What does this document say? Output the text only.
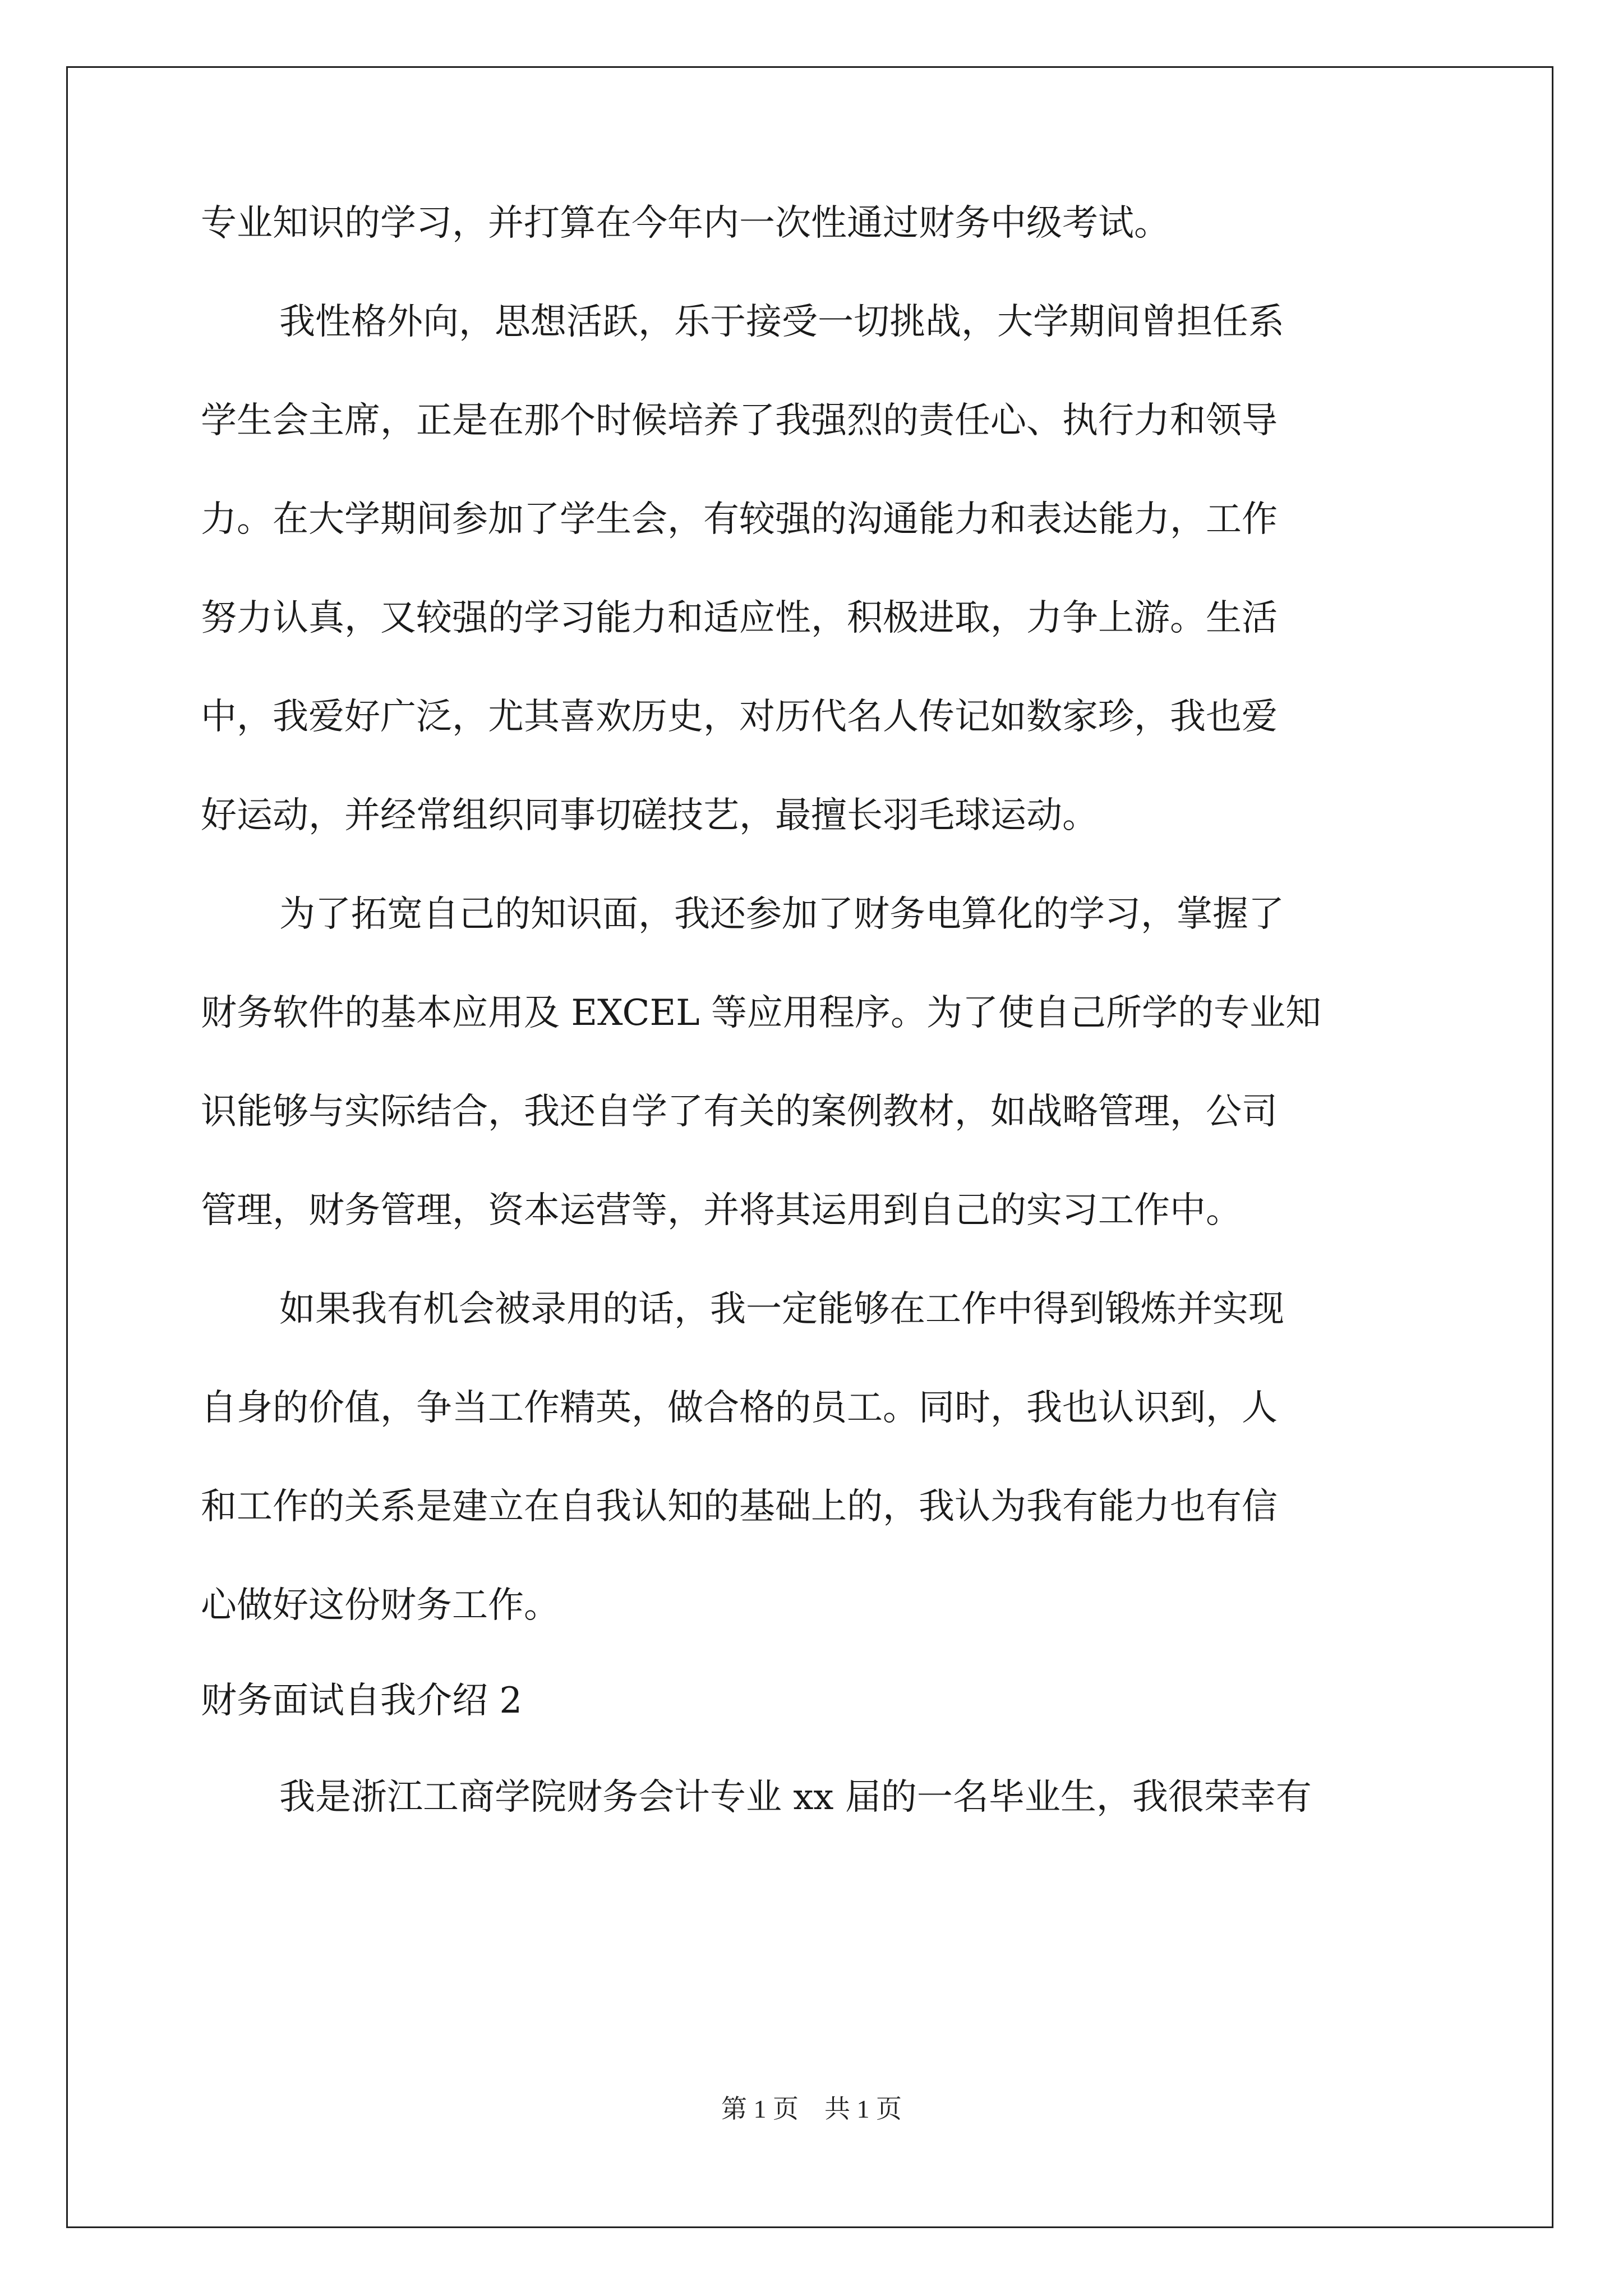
专业知识的学习，并打算在今年内一次性通过财务中级考试。
我性格外向，思想活跃，乐于接受一切挑战，大学期间曾担任系
学生会主席，正是在那个时候培养了我强烈的责任心、执行力和领导
力。在大学期间参加了学生会，有较强的沟通能力和表达能力，工作
努力认真，又较强的学习能力和适应性，积极进取，力争上游。生活
中，我爱好广泛，尤其喜欢历史，对历代名人传记如数家珍，我也爱
好运动，并经常组织同事切磋技艺，最擅长羽毛球运动。
为了拓宽自己的知识面，我还参加了财务电算化的学习，掌握了
财务软件的基本应用及 EXCEL 等应用程序。为了使自己所学的专业知
识能够与实际结合，我还自学了有关的案例教材，如战略管理，公司
管理，财务管理，资本运营等，并将其运用到自己的实习工作中。
如果我有机会被录用的话，我一定能够在工作中得到锻炼并实现
自身的价值，争当工作精英，做合格的员工。同时，我也认识到，人
和工作的关系是建立在自我认知的基础上的，我认为我有能力也有信
心做好这份财务工作。
财务面试自我介绍 2
我是浙江工商学院财务会计专业 xx 届的一名毕业生，我很荣幸有
第 1 页　共 1 页
